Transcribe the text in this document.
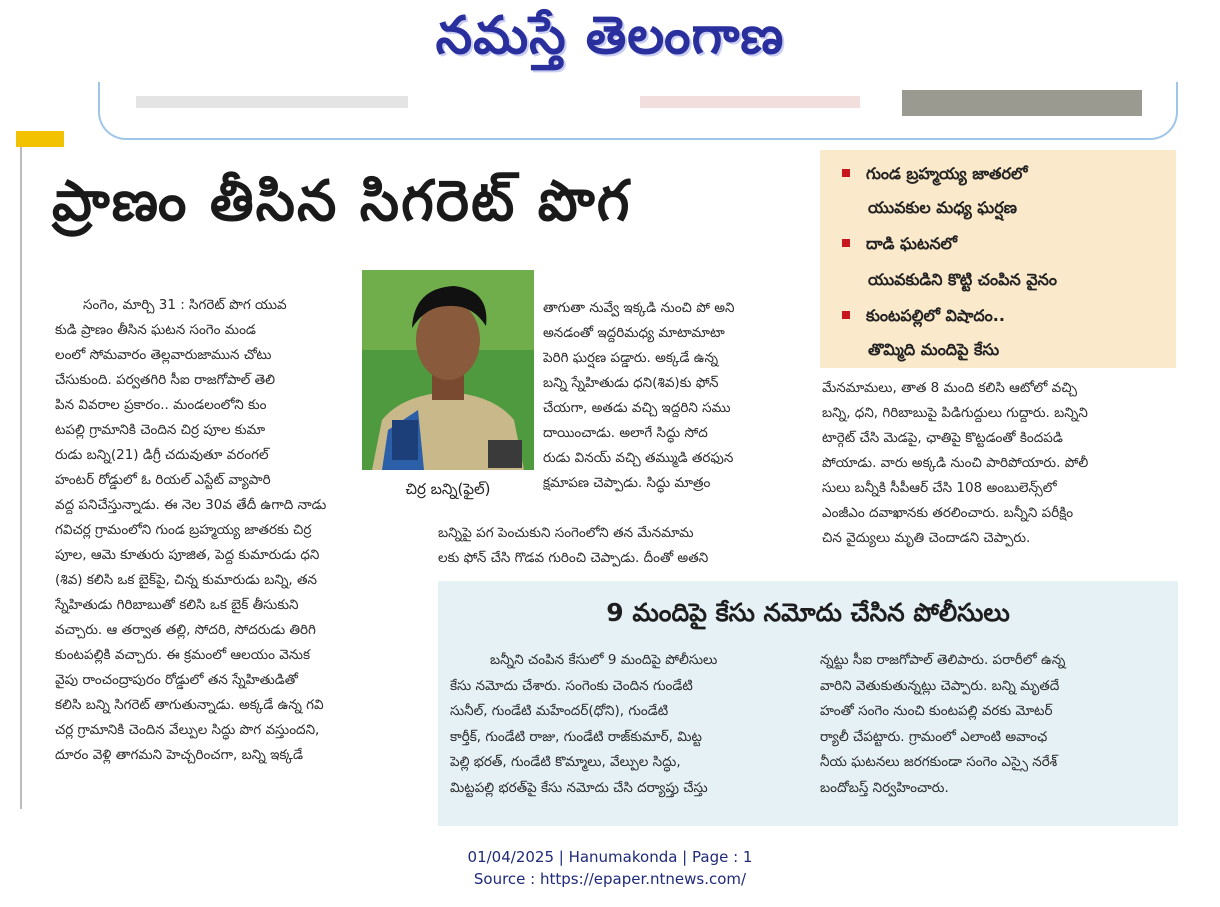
నమస్తే తెలంగాణ
ప్రాణం తీసిన సిగరెట్ పొగ	గుండ బ్రహ్మయ్య జాతరలో
యువకుల మధ్య ఘర్షణ
దాడి ఘటనలో
యువకుడిని కొట్టి చంపిన వైనం
కుంటపల్లిలో విషాదం..
తొమ్మిది మందిపై కేసు
చిర్ర బన్ని(ఫైల్)
సంగెం, మార్చి 31 : సిగరెట్ పొగ యువ
కుడి ప్రాణం తీసిన ఘటన సంగెం మండ
లంలో సోమవారం తెల్లవారుజామున చోటు
చేసుకుంది. పర్వతగిరి సీఐ రాజగోపాల్ తెలి
పిన వివరాల ప్రకారం.. మండలంలోని కుం
టపల్లి గ్రామానికి చెందిన చిర్ర పూల కుమా
రుడు బన్ని(21) డిగ్రీ చదువుతూ వరంగల్
హంటర్ రోడ్డులో ఓ రియల్ ఎస్టేట్ వ్యాపారి
వద్ద పనిచేస్తున్నాడు. ఈ నెల 30వ తేదీ ఉగాది నాడు
గవిచర్ల గ్రామంలోని గుండ బ్రహ్మయ్య జాతరకు చిర్ర
పూల, ఆమె కూతురు పూజిత, పెద్ద కుమారుడు ధని
(శివ) కలిసి ఒక బైక్‌పై, చిన్న కుమారుడు బన్ని, తన
స్నేహితుడు గిరిబాబుతో కలిసి ఒక బైక్ తీసుకుని
వచ్చారు. ఆ తర్వాత తల్లి, సోదరి, సోదరుడు తిరిగి
కుంటపల్లికి వచ్చారు. ఈ క్రమంలో ఆలయం వెనుక
వైపు రాంచంద్రాపురం రోడ్డులో తన స్నేహితుడితో
కలిసి బన్ని సిగరెట్ తాగుతున్నాడు. అక్కడే ఉన్న గవి
చర్ల గ్రామానికి చెందిన వేల్పుల సిద్ధు పొగ వస్తుందని,
దూరం వెళ్లి తాగమని హెచ్చరించగా, బన్ని ఇక్కడే
తాగుతా నువ్వే ఇక్కడి నుంచి పో అని
అనడంతో ఇద్దరిమధ్య మాటామాటా
పెరిగి ఘర్షణ పడ్డారు. అక్కడే ఉన్న
బన్ని స్నేహితుడు ధని(శివ)కు ఫోన్
చేయగా, అతడు వచ్చి ఇద్దరిని సము
దాయించాడు. అలాగే సిద్ధు సోద
రుడు వినయ్ వచ్చి తమ్ముడి తరఫున
క్షమాపణ చెప్పాడు. సిద్ధు మాత్రం
బన్నిపై పగ పెంచుకుని సంగెంలోని తన మేనమామ
లకు ఫోన్ చేసి గొడవ గురించి చెప్పాడు. దీంతో అతని
మేనమామలు, తాత 8 మంది కలిసి ఆటోలో వచ్చి
బన్ని, ధని, గిరిబాబుపై పిడిగుద్దులు గుద్దారు. బన్నిని
టార్గెట్ చేసి మెడపై, ఛాతిపై కొట్టడంతో కిందపడి
పోయాడు. వారు అక్కడి నుంచి పారిపోయారు. పోలీ
సులు బన్నీకి సీపీఆర్ చేసి 108 అంబులెన్స్‌లో
ఎంజీఎం దవాఖానకు తరలించారు. బన్నీని పరీక్షిం
చిన వైద్యులు మృతి చెందాడని చెప్పారు.
9 మందిపై కేసు నమోదు చేసిన పోలీసులు
బన్నీని చంపిన కేసులో 9 మందిపై పోలీసులు
కేసు నమోదు చేశారు. సంగెంకు చెందిన గుండేటి
సునీల్, గుండేటి మహేందర్(ధోని), గుండేటి
కార్తీక్, గుండేటి రాజు, గుండేటి రాజ్‌కుమార్, మిట్ట
పెల్లి భరత్, గుండేటి కొమ్మాలు, వేల్పుల సిద్ధు,
మిట్టపల్లి భరత్‌పై కేసు నమోదు చేసి దర్యాప్తు చేస్తు
న్నట్టు సీఐ రాజగోపాల్ తెలిపారు. పరారీలో ఉన్న
వారిని వెతుకుతున్నట్లు చెప్పారు. బన్ని మృతదే
హంతో సంగెం నుంచి కుంటపల్లి వరకు మోటర్
ర్యాలీ చేపట్టారు. గ్రామంలో ఎలాంటి అవాంఛ
నీయ ఘటనలు జరగకుండా సంగెం ఎస్సై నరేశ్
బందోబస్త్ నిర్వహించారు.
01/04/2025 | Hanumakonda | Page : 1
Source : https://epaper.ntnews.com/
